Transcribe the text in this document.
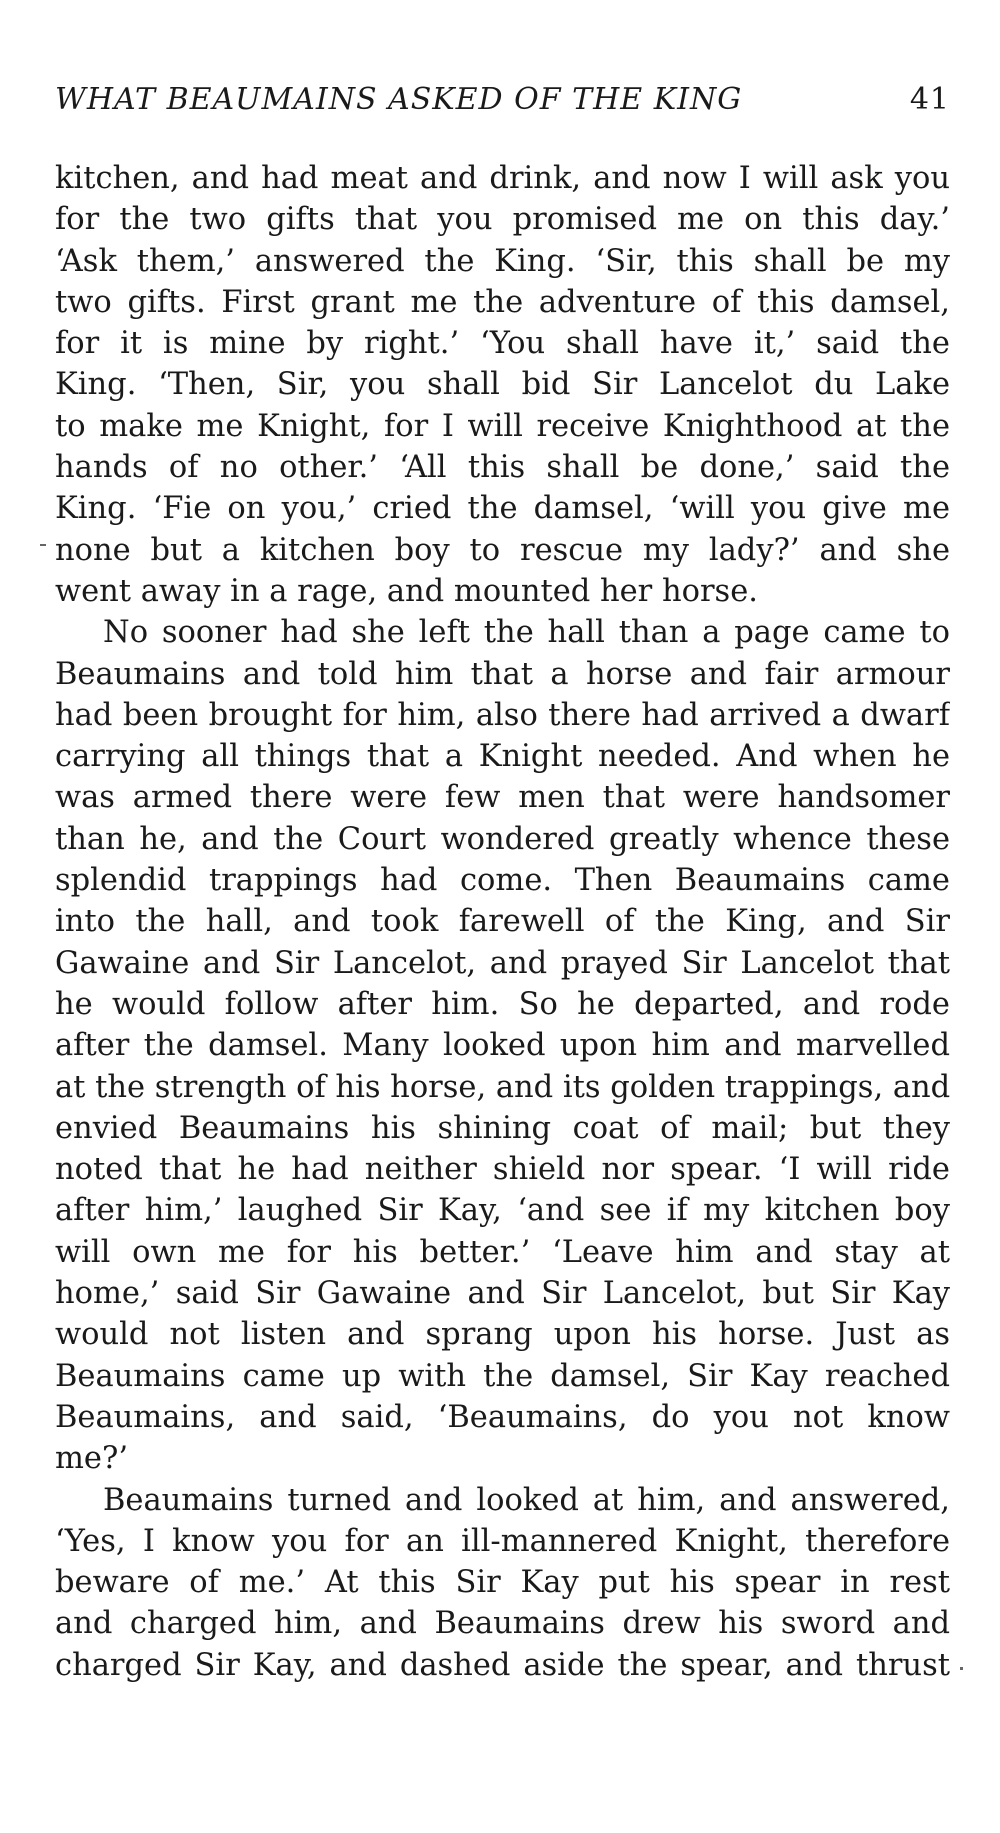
WHAT BEAUMAINS ASKED OF THE KING	41
kitchen, and had meat and drink, and now I will ask you
for the two gifts that you promised me on this day.’
‘Ask them,’ answered the King. ‘Sir, this shall be my
two gifts. First grant me the adventure of this damsel,
for it is mine by right.’ ‘You shall have it,’ said the
King. ‘Then, Sir, you shall bid Sir Lancelot du Lake
to make me Knight, for I will receive Knighthood at the
hands of no other.’ ‘All this shall be done,’ said the
King. ‘Fie on you,’ cried the damsel, ‘will you give me
none but a kitchen boy to rescue my lady?’ and she
went away in a rage, and mounted her horse.
No sooner had she left the hall than a page came to
Beaumains and told him that a horse and fair armour
had been brought for him, also there had arrived a dwarf
carrying all things that a Knight needed. And when he
was armed there were few men that were handsomer
than he, and the Court wondered greatly whence these
splendid trappings had come. Then Beaumains came
into the hall, and took farewell of the King, and Sir
Gawaine and Sir Lancelot, and prayed Sir Lancelot that
he would follow after him. So he departed, and rode
after the damsel. Many looked upon him and marvelled
at the strength of his horse, and its golden trappings, and
envied Beaumains his shining coat of mail; but they
noted that he had neither shield nor spear. ‘I will ride
after him,’ laughed Sir Kay, ‘and see if my kitchen boy
will own me for his better.’ ‘Leave him and stay at
home,’ said Sir Gawaine and Sir Lancelot, but Sir Kay
would not listen and sprang upon his horse. Just as
Beaumains came up with the damsel, Sir Kay reached
Beaumains, and said, ‘Beaumains, do you not know
me?’
Beaumains turned and looked at him, and answered,
‘Yes, I know you for an ill-mannered Knight, therefore
beware of me.’ At this Sir Kay put his spear in rest
and charged him, and Beaumains drew his sword and
charged Sir Kay, and dashed aside the spear, and thrust
